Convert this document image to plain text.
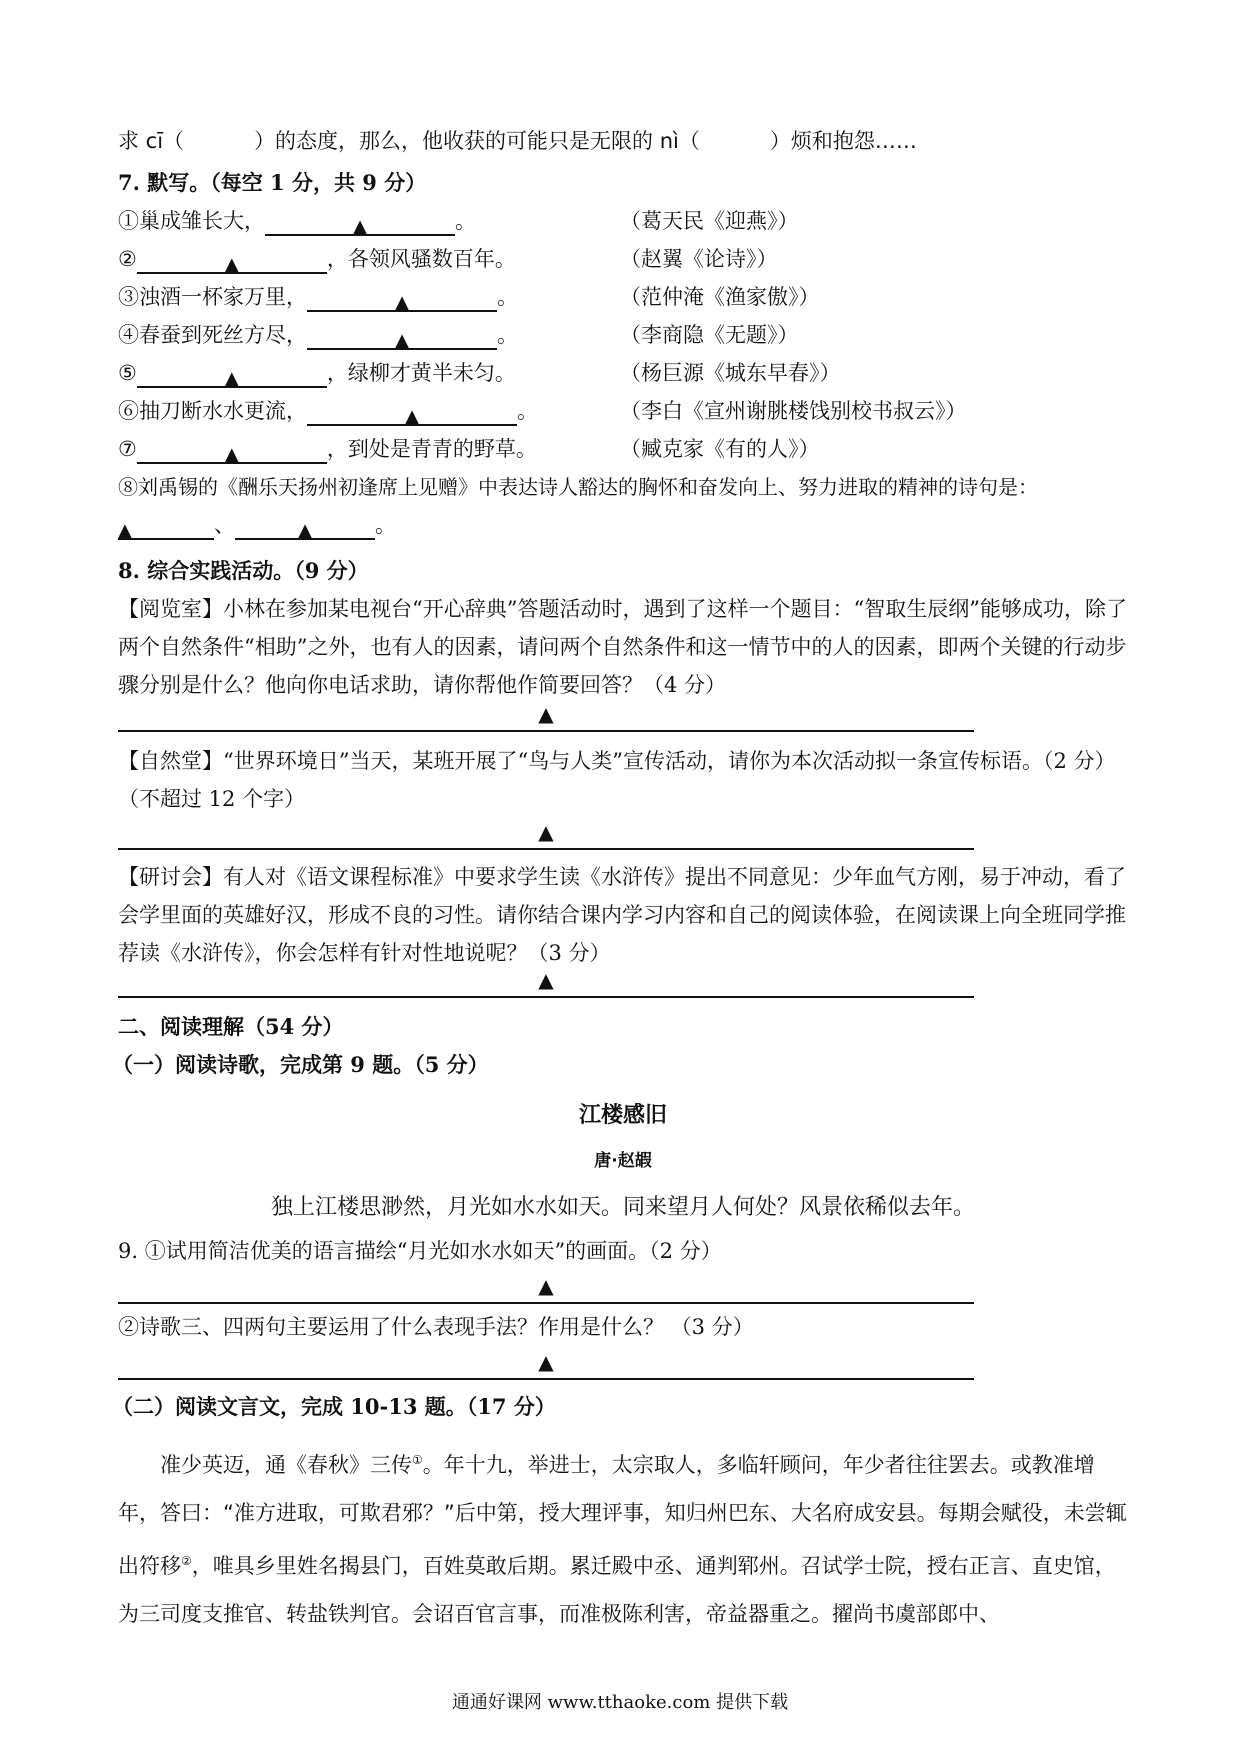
求 cī（	）的态度，那么，他收获的可能只是无限的 nì（	）烦和抱怨……
7. 默写。（每空 1 分，共 9 分）
①巢成雏长大，	▲	。	（葛天民《迎燕》）
②	▲	，各领风骚数百年。	（赵翼《论诗》）
③浊酒一杯家万里，	▲	。	（范仲淹《渔家傲》）
④春蚕到死丝方尽，	▲	。	（李商隐《无题》）
⑤	▲	，绿柳才黄半未匀。	（杨巨源《城东早春》）
⑥抽刀断水水更流，	▲	。	（李白《宣州谢朓楼饯别校书叔云》）
⑦	▲	，到处是青青的野草。	（臧克家《有的人》）
⑧刘禹锡的《酬乐天扬州初逢席上见赠》中表达诗人豁达的胸怀和奋发向上、努力进取的精神的诗句是：
▲	、	▲	。
8. 综合实践活动。（9 分）
【阅览室】小林在参加某电视台“开心辞典”答题活动时，遇到了这样一个题目：“智取生辰纲”能够成功，除了两个自然条件“相助”之外，也有人的因素，请问两个自然条件和这一情节中的人的因素，即两个关键的行动步骤分别是什么？他向你电话求助，请你帮他作简要回答？（4 分）
▲
【自然堂】“世界环境日”当天，某班开展了“鸟与人类”宣传活动，请你为本次活动拟一条宣传标语。（2 分）（不超过 12 个字）
▲
【研讨会】有人对《语文课程标准》中要求学生读《水浒传》提出不同意见：少年血气方刚，易于冲动，看了会学里面的英雄好汉，形成不良的习性。请你结合课内学习内容和自己的阅读体验，在阅读课上向全班同学推荐读《水浒传》，你会怎样有针对性地说呢？（3 分）
▲
二、阅读理解（54 分）
（一）阅读诗歌，完成第 9 题。（5 分）
江楼感旧
唐·赵嘏
独上江楼思渺然，月光如水水如天。同来望月人何处？风景依稀似去年。
9. ①试用简洁优美的语言描绘“月光如水水如天”的画面。（2 分）
▲
②诗歌三、四两句主要运用了什么表现手法？作用是什么？ （3 分）
▲
（二）阅读文言文，完成 10-13 题。（17 分）
准少英迈，通《春秋》三传①。年十九，举进士，太宗取人，多临轩顾问，年少者往往罢去。或教准增年，答曰：“准方进取，可欺君邪？”后中第，授大理评事，知归州巴东、大名府成安县。每期会赋役，未尝辄出符移②，唯具乡里姓名揭县门，百姓莫敢后期。累迁殿中丞、通判郓州。召试学士院，授右正言、直史馆，为三司度支推官、转盐铁判官。会诏百官言事，而准极陈利害，帝益器重之。擢尚书虞部郎中、
通通好课网 www.tthaoke.com 提供下载
